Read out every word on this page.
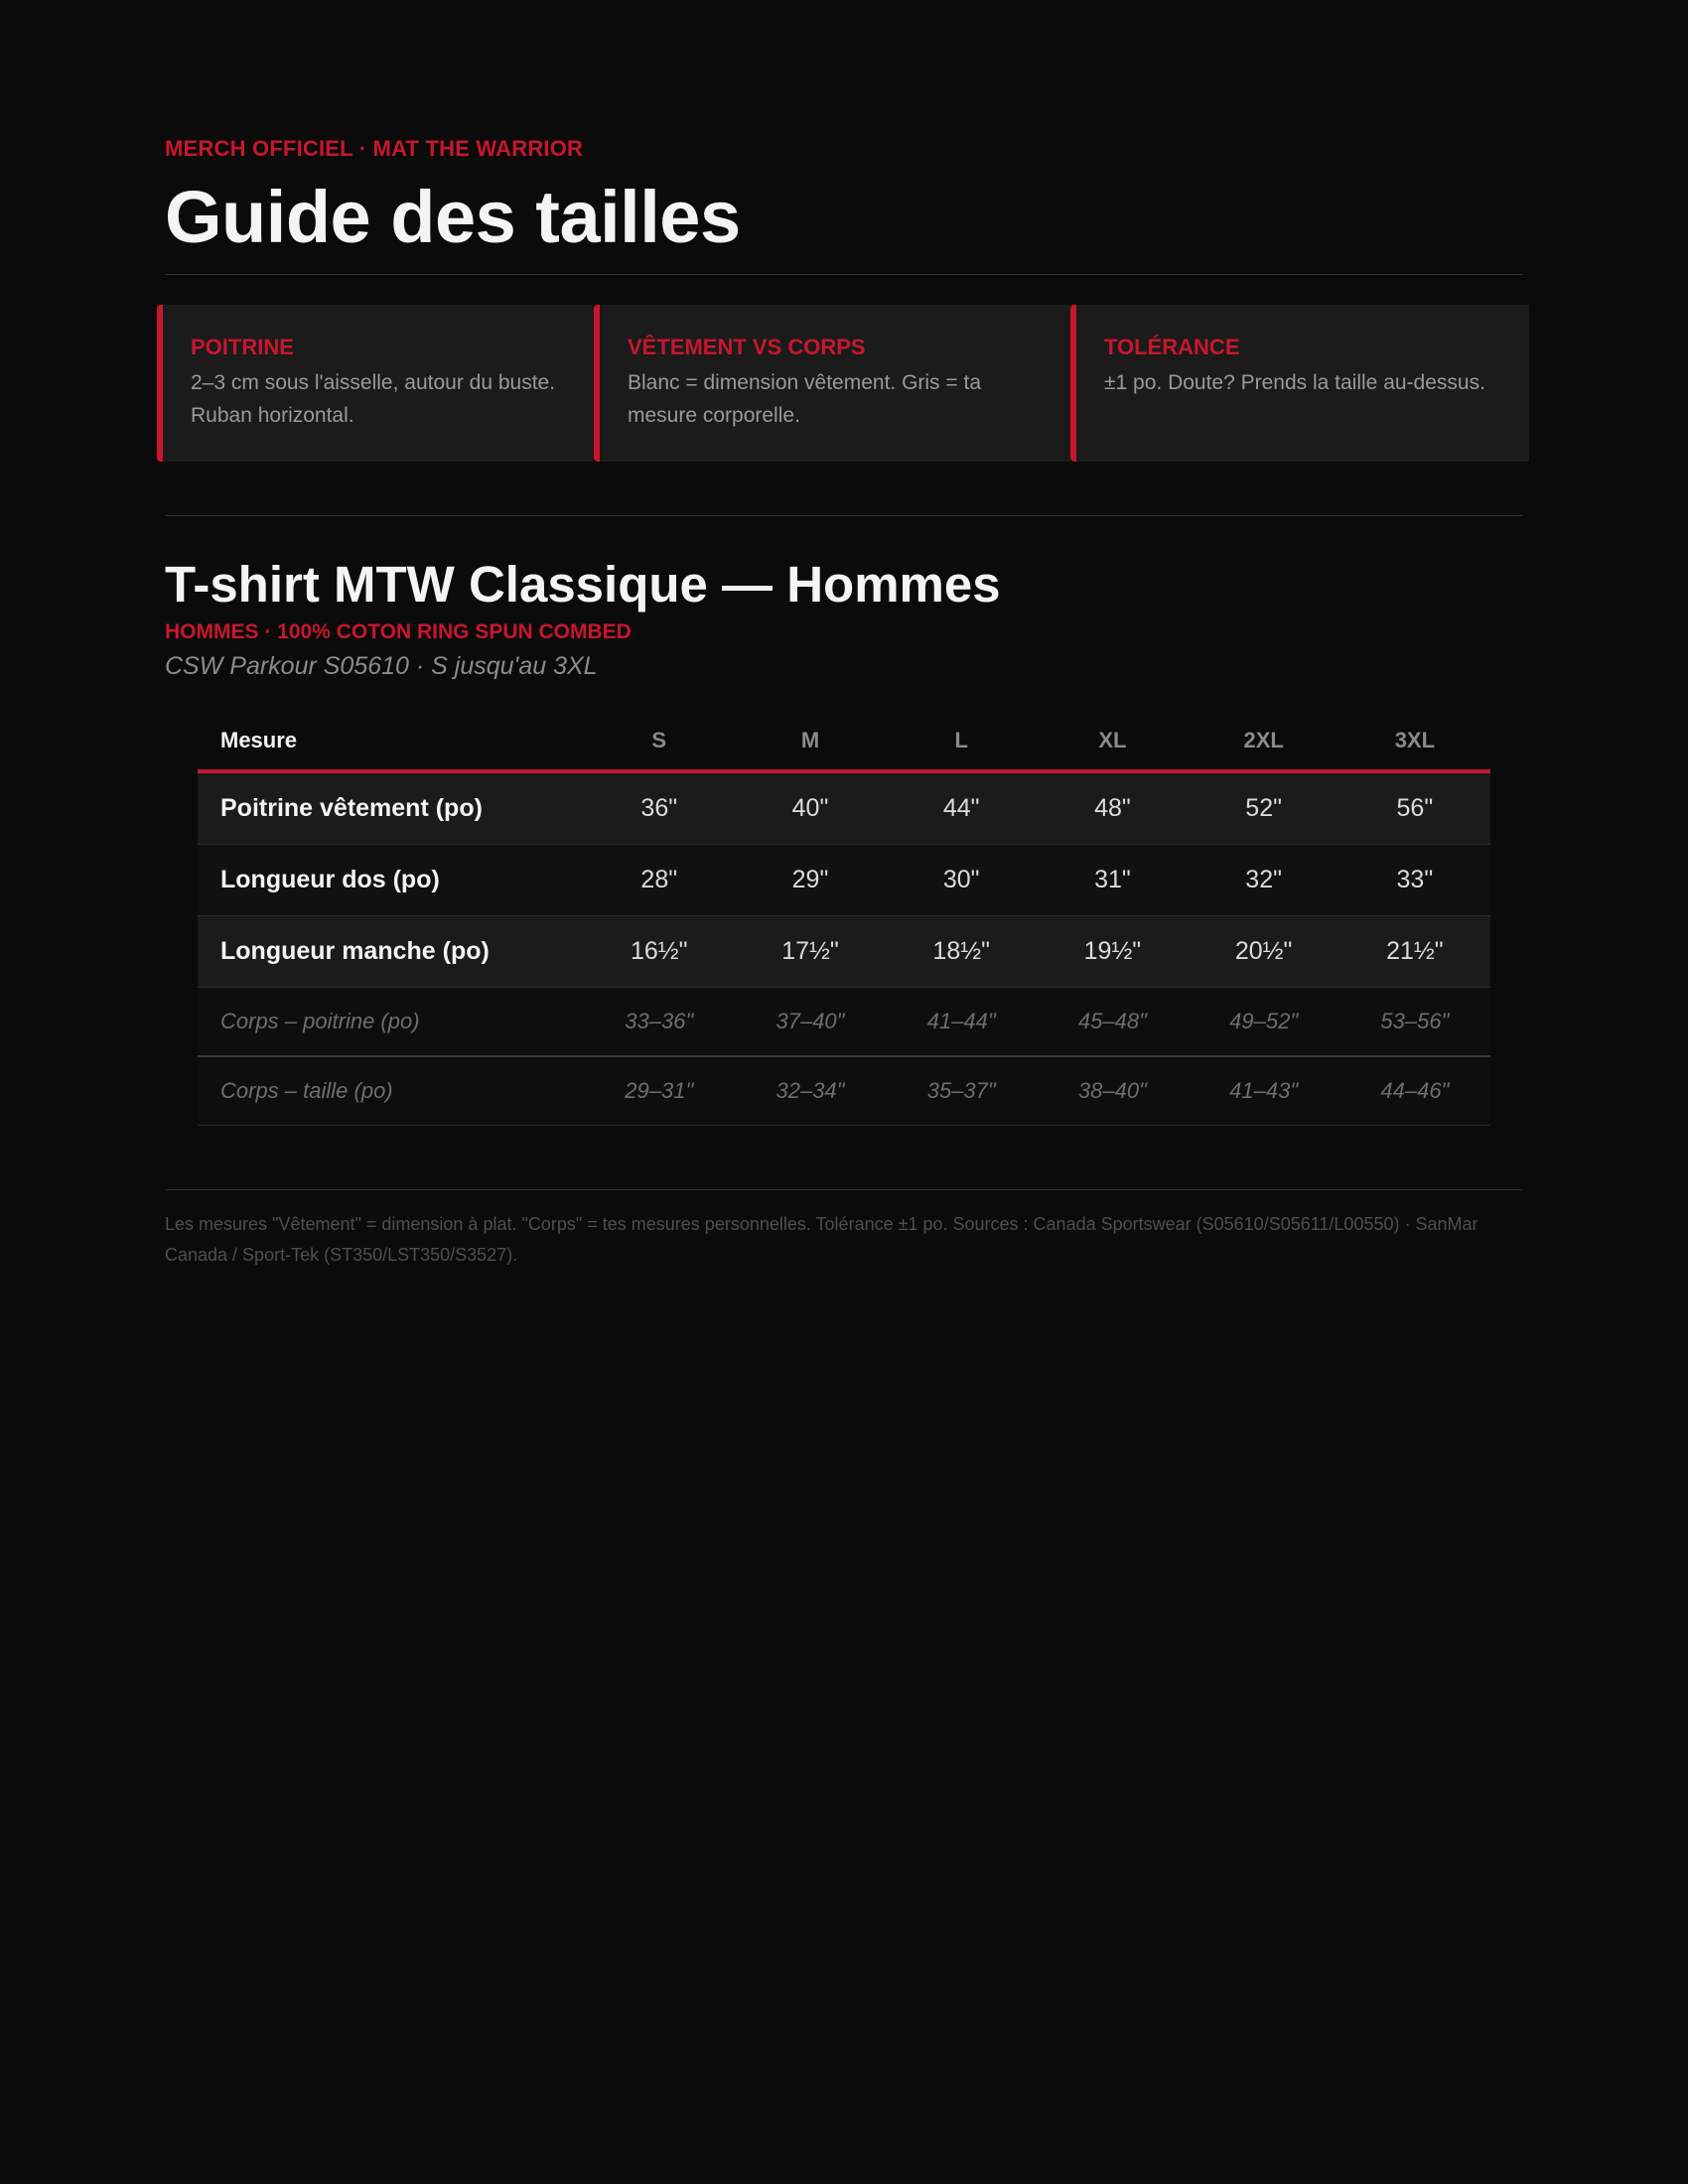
MERCH OFFICIEL · MAT THE WARRIOR
Guide des tailles
POITRINE
2–3 cm sous l'aisselle, autour du buste. Ruban horizontal.
VÊTEMENT VS CORPS
Blanc = dimension vêtement. Gris = ta mesure corporelle.
TOLÉRANCE
±1 po. Doute? Prends la taille au-dessus.
T-shirt MTW Classique — Hommes
HOMMES · 100% COTON RING SPUN COMBED
CSW Parkour S05610 · S jusqu'au 3XL
Mesure	S	M	L	XL	2XL	3XL
Poitrine vêtement (po)	36"	40"	44"	48"	52"	56"
Longueur dos (po)	28"	29"	30"	31"	32"	33"
Longueur manche (po)	16½"	17½"	18½"	19½"	20½"	21½"
Corps – poitrine (po)	33–36"	37–40"	41–44"	45–48"	49–52"	53–56"
Corps – taille (po)	29–31"	32–34"	35–37"	38–40"	41–43"	44–46"
Les mesures "Vêtement" = dimension à plat. "Corps" = tes mesures personnelles. Tolérance ±1 po. Sources : Canada Sportswear (S05610/S05611/L00550) · SanMar Canada / Sport-Tek (ST350/LST350/S3527).
